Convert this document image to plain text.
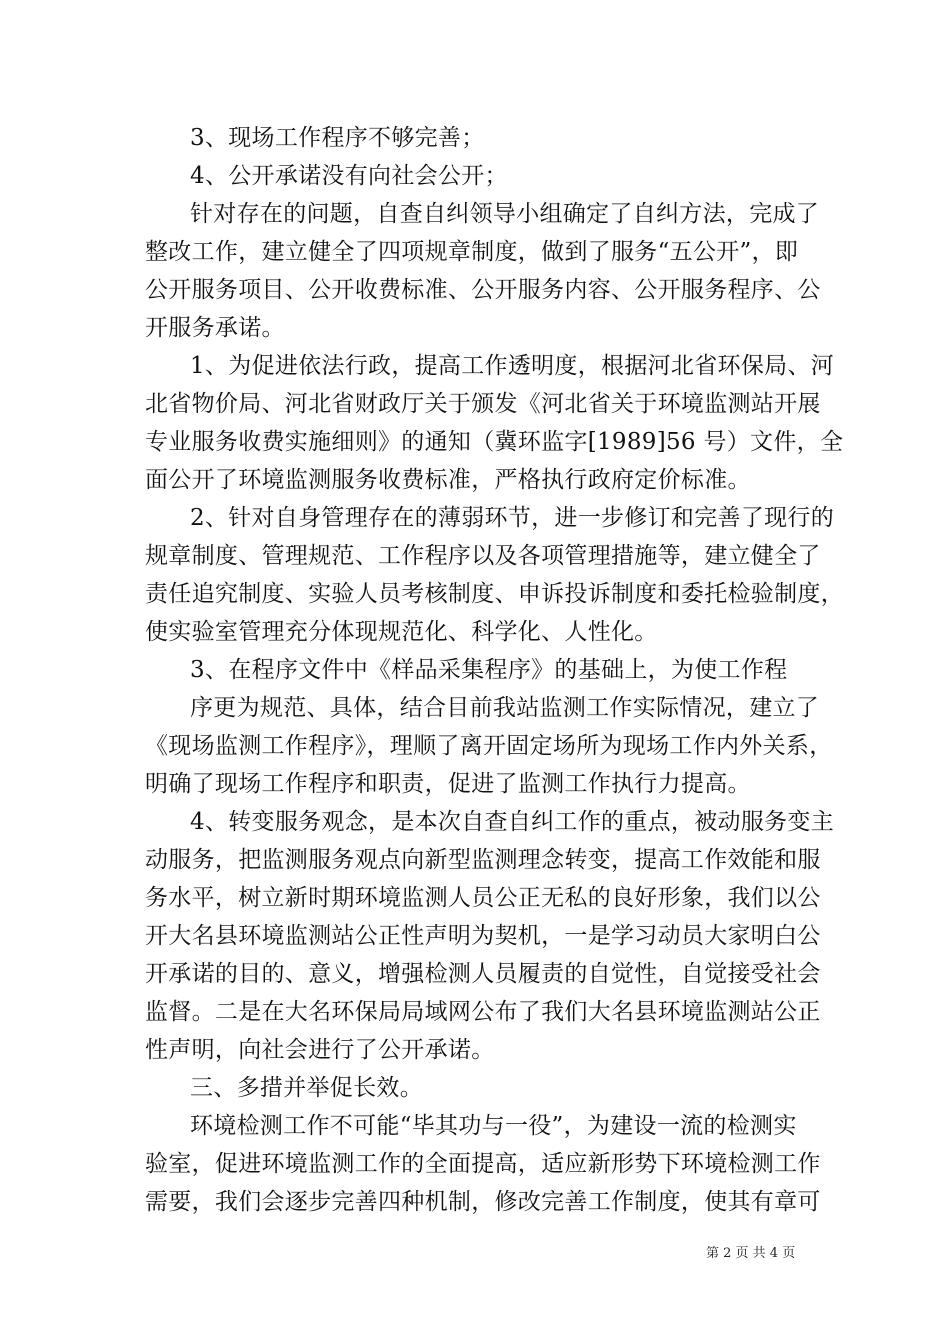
3、现场工作程序不够完善；
4、公开承诺没有向社会公开；
针对存在的问题，自查自纠领导小组确定了自纠方法，完成了
整改工作，建立健全了四项规章制度，做到了服务“五公开”，即
公开服务项目、公开收费标准、公开服务内容、公开服务程序、公
开服务承诺。
1、为促进依法行政，提高工作透明度，根据河北省环保局、河
北省物价局、河北省财政厅关于颁发《河北省关于环境监测站开展
专业服务收费实施细则》的通知（冀环监字[1989]56 号）文件，全
面公开了环境监测服务收费标准，严格执行政府定价标准。
2、针对自身管理存在的薄弱环节，进一步修订和完善了现行的
规章制度、管理规范、工作程序以及各项管理措施等，建立健全了
责任追究制度、实验人员考核制度、申诉投诉制度和委托检验制度，
使实验室管理充分体现规范化、科学化、人性化。
3、在程序文件中《样品采集程序》的基础上，为使工作程
序更为规范、具体，结合目前我站监测工作实际情况，建立了
《现场监测工作程序》，理顺了离开固定场所为现场工作内外关系，
明确了现场工作程序和职责，促进了监测工作执行力提高。
4、转变服务观念，是本次自查自纠工作的重点，被动服务变主
动服务，把监测服务观点向新型监测理念转变，提高工作效能和服
务水平，树立新时期环境监测人员公正无私的良好形象，我们以公
开大名县环境监测站公正性声明为契机，一是学习动员大家明白公
开承诺的目的、意义，增强检测人员履责的自觉性，自觉接受社会
监督。二是在大名环保局局域网公布了我们大名县环境监测站公正
性声明，向社会进行了公开承诺。
三、多措并举促长效。
环境检测工作不可能“毕其功与一役”，为建设一流的检测实
验室，促进环境监测工作的全面提高，适应新形势下环境检测工作
需要，我们会逐步完善四种机制，修改完善工作制度，使其有章可
第 2 页 共 4 页
